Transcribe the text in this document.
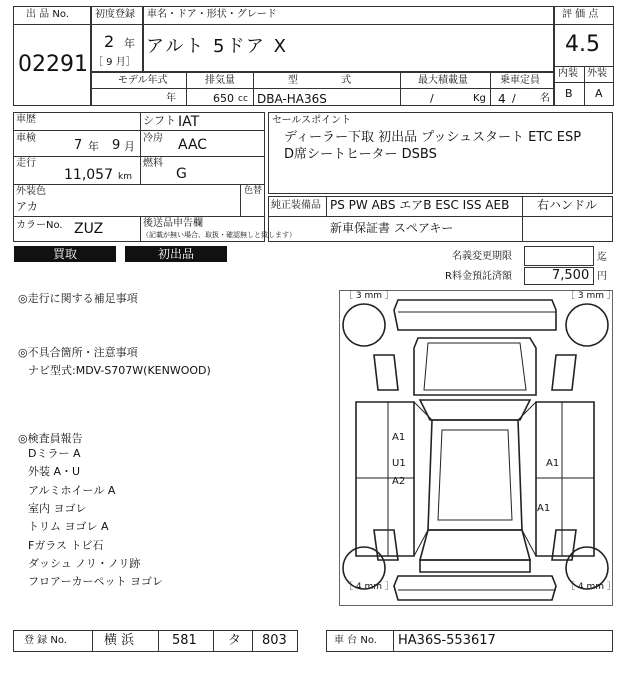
出 品 No.
02291
初度登録
2 年
［ 9 月］
車名・ドア・形状・グレード
アルト 5ドア X
評 価 点
4.5
内装 外装
B A
モデル年式
年
排気量
650 cc
型 式
DBA-HA36S
最大積載量
/	Kg
乗車定員
4 / 名
車歴
車検	7 年 9 月
走行
11,057 km
シフト IAT
冷房 AAC
燃料
G
外装色
アカ
色替
カラーNo. ZUZ	後送品申告欄
（記載が無い場合、取扱・確認無しと致します）
セールスポイント
ディーラー下取 初出品 プッシュスタート ETC ESP
D席シートヒーター DSBS
純正装備品 PS PW ABS エアB ESC ISS AEB 右ハンドル
新車保証書 スペアキー
買取	初出品	名義変更期限	迄
R料金預託済額	7,500 円
◎走行に関する補足事項
◎不具合箇所・注意事項
ナビ型式:MDV-S707W(KENWOOD)
◎検査員報告
Dミラー A
外装 A・U
アルミホイール A
室内 ヨゴレ
トリム ヨゴレ A
Fガラス トビ石
ダッシュ ノリ・ノリ跡
フロアーカーペット ヨゴレ
［ 3 mm ］	［ 3 mm ］
［ 4 mm ］	［ 4 mm ］
A1
U1
A2
A1
A1
登 録 No.	横 浜	581 タ 803	車 台 No. HA36S-553617
